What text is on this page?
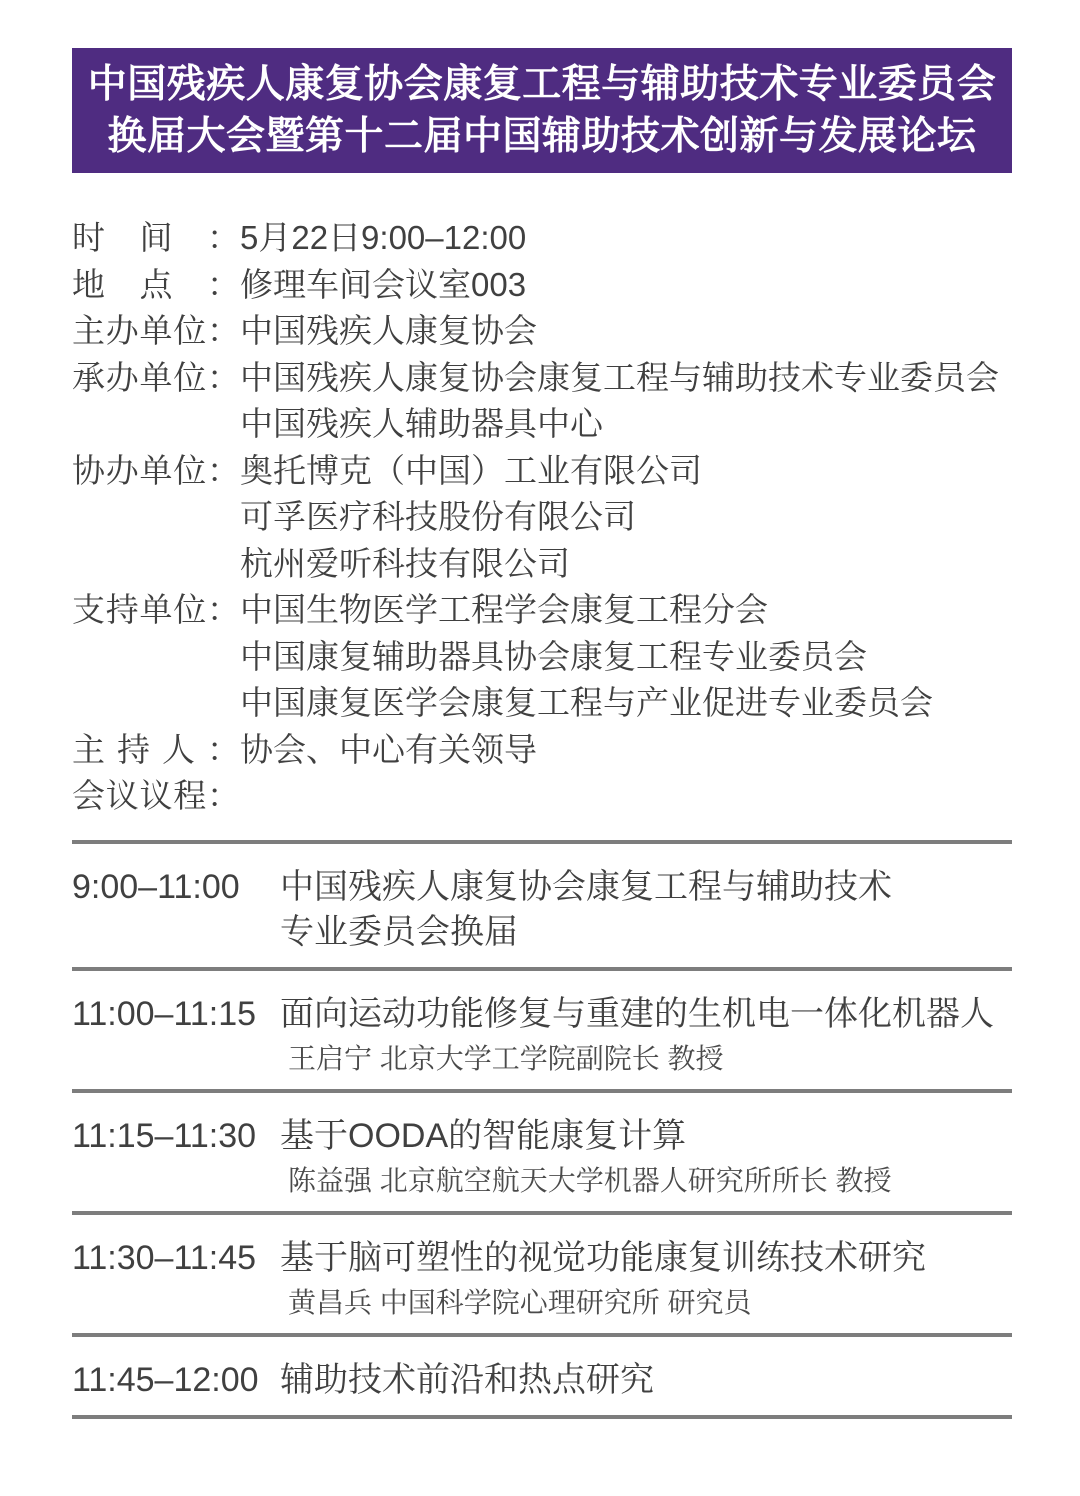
中国残疾人康复协会康复工程与辅助技术专业委员会
换届大会暨第十二届中国辅助技术创新与发展论坛
时间： 5月22日9:00–12:00
地点： 修理车间会议室003
主办单位： 中国残疾人康复协会
承办单位： 中国残疾人康复协会康复工程与辅助技术专业委员会
中国残疾人辅助器具中心
协办单位： 奥托博克（中国）工业有限公司
可孚医疗科技股份有限公司
杭州爱听科技有限公司
支持单位： 中国生物医学工程学会康复工程分会
中国康复辅助器具协会康复工程专业委员会
中国康复医学会康复工程与产业促进专业委员会
主持人： 协会、中心有关领导
会议议程：
9:00–11:00	中国残疾人康复协会康复工程与辅助技术
专业委员会换届
11:00–11:15 面向运动功能修复与重建的生机电一体化机器人
王启宁 北京大学工学院副院长 教授
11:15–11:30 基于OODA的智能康复计算
陈益强 北京航空航天大学机器人研究所所长 教授
11:30–11:45 基于脑可塑性的视觉功能康复训练技术研究
黄昌兵 中国科学院心理研究所 研究员
11:45–12:00 辅助技术前沿和热点研究
